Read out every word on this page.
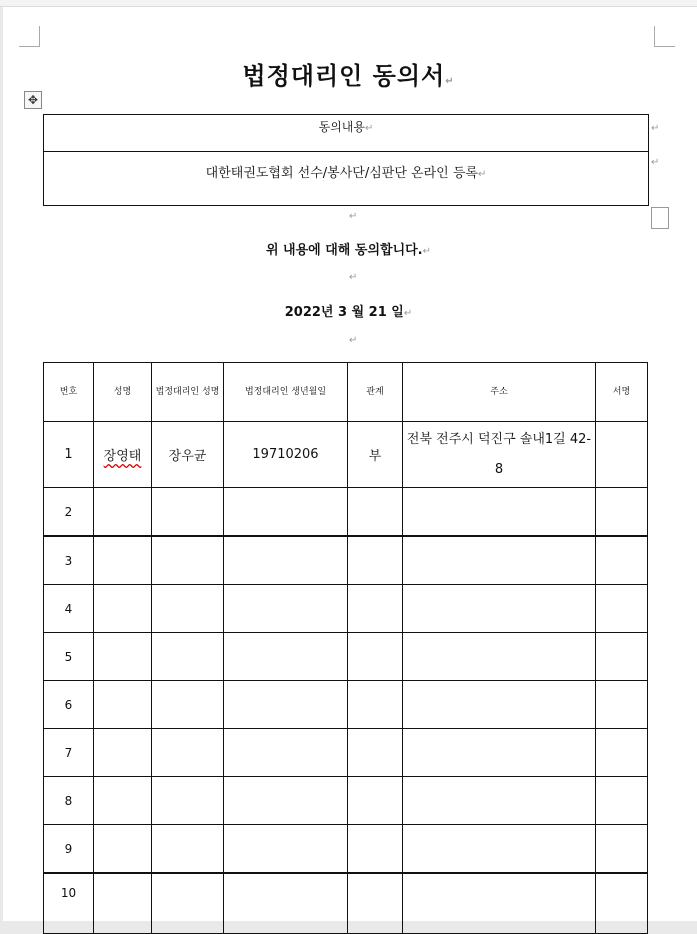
법정대리인 동의서↵
✥
동의내용↵
대한태권도협회 선수/봉사단/심판단 온라인 등록↵
↵
↵
↵
위 내용에 대해 동의합니다.↵
↵
2022년 3 월 21 일↵
↵
번호	성명	법정대리인 성명	법정대리인 생년월일	관계	주소	서명
1	장영태	장우균	19710206	부	전북 전주시 덕진구 솔내1길 42-8	
2						
3						
4						
5						
6						
7						
8						
9						
10						
